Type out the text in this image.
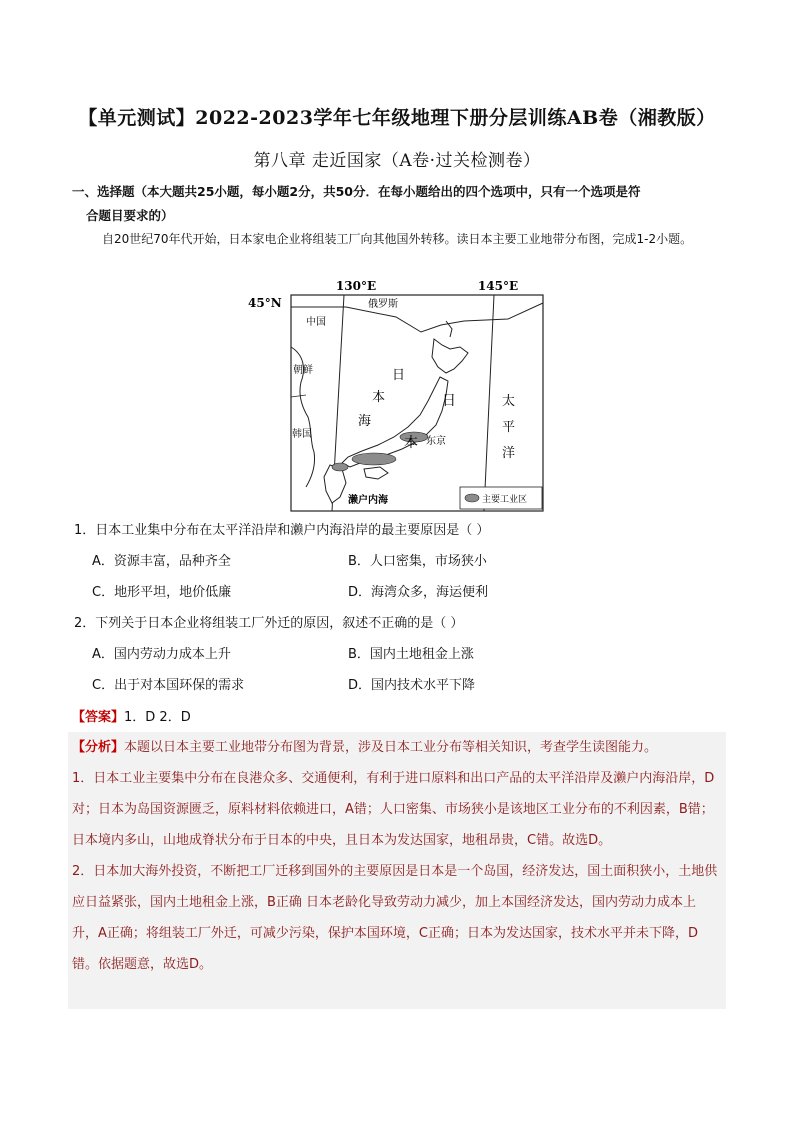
【单元测试】2022-2023学年七年级地理下册分层训练AB卷（湘教版）
第八章 走近国家（A卷·过关检测卷）
一、选择题（本大题共25小题，每小题2分，共50分．在每小题给出的四个选项中，只有一个选项是符
合题目要求的）
自20世纪70年代开始，日本家电企业将组装工厂向其他国外转移。读日本主要工业地带分布图，完成1-2小题。
130°E	145°E
45°N	俄罗斯
中国
朝鲜
韩国
日
本
海
日
本
太
平
洋
东京
濑户内海	主要工业区
1．日本工业集中分布在太平洋沿岸和濑户内海沿岸的最主要原因是（ ）
A．资源丰富，品种齐全	B．人口密集，市场狭小
C．地形平坦，地价低廉	D．海湾众多，海运便利
2．下列关于日本企业将组装工厂外迁的原因，叙述不正确的是（ ）
A．国内劳动力成本上升	B．国内土地租金上涨
C．出于对本国环保的需求	D．国内技术水平下降
【答案】1．D 2．D

【分析】本题以日本主要工业地带分布图为背景，涉及日本工业分布等相关知识，考查学生读图能力。

1．日本工业主要集中分布在良港众多、交通便利，有利于进口原料和出口产品的太平洋沿岸及濑户内海沿岸，D对；日本为岛国资源匮乏，原料材料依赖进口，A错；人口密集、市场狭小是该地区工业分布的不利因素，B错；日本境内多山，山地成脊状分布于日本的中央，且日本为发达国家，地租昂贵，C错。故选D。

2．日本加大海外投资，不断把工厂迁移到国外的主要原因是日本是一个岛国，经济发达，国土面积狭小，土地供应日益紧张，国内土地租金上涨，B正确 日本老龄化导致劳动力减少，加上本国经济发达，国内劳动力成本上升，A正确；将组装工厂外迁，可减少污染，保护本国环境，C正确；日本为发达国家，技术水平并未下降，D错。依据题意，故选D。
